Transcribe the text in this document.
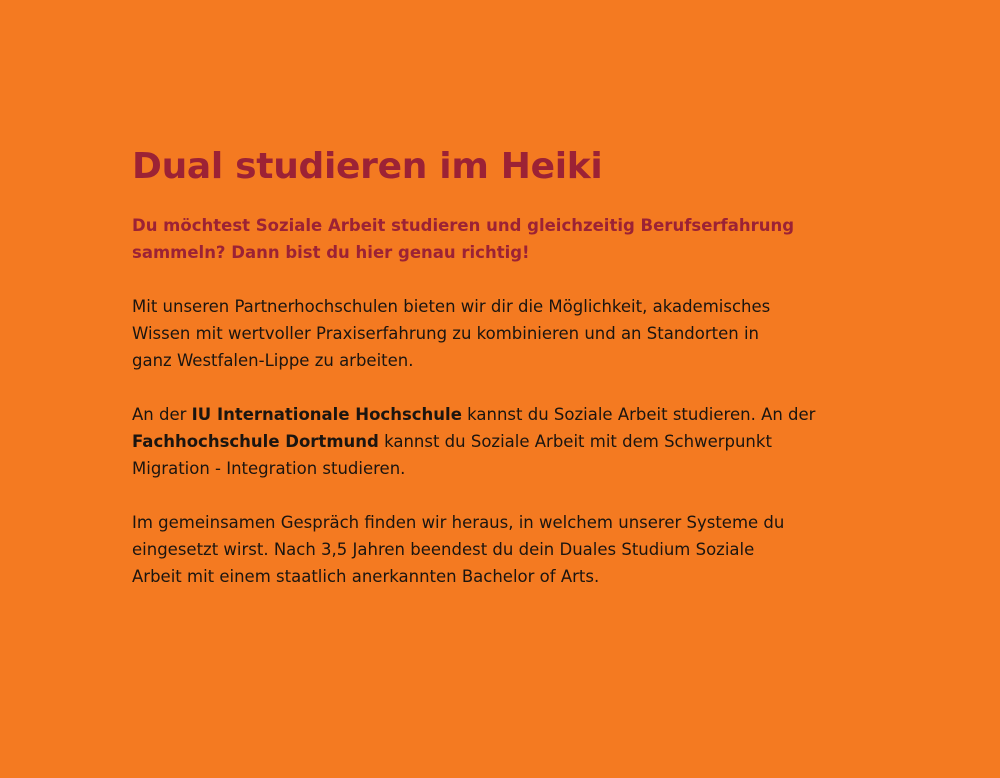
Dual studieren im Heiki

Du möchtest Soziale Arbeit studieren und gleichzeitig Berufserfahrung
sammeln? Dann bist du hier genau richtig!

Mit unseren Partnerhochschulen bieten wir dir die Möglichkeit, akademisches
Wissen mit wertvoller Praxiserfahrung zu kombinieren und an Standorten in
ganz Westfalen-Lippe zu arbeiten.

An der IU Internationale Hochschule kannst du Soziale Arbeit studieren. An der
Fachhochschule Dortmund kannst du Soziale Arbeit mit dem Schwerpunkt
Migration - Integration studieren.

Im gemeinsamen Gespräch finden wir heraus, in welchem unserer Systeme du
eingesetzt wirst. Nach 3,5 Jahren beendest du dein Duales Studium Soziale
Arbeit mit einem staatlich anerkannten Bachelor of Arts.
